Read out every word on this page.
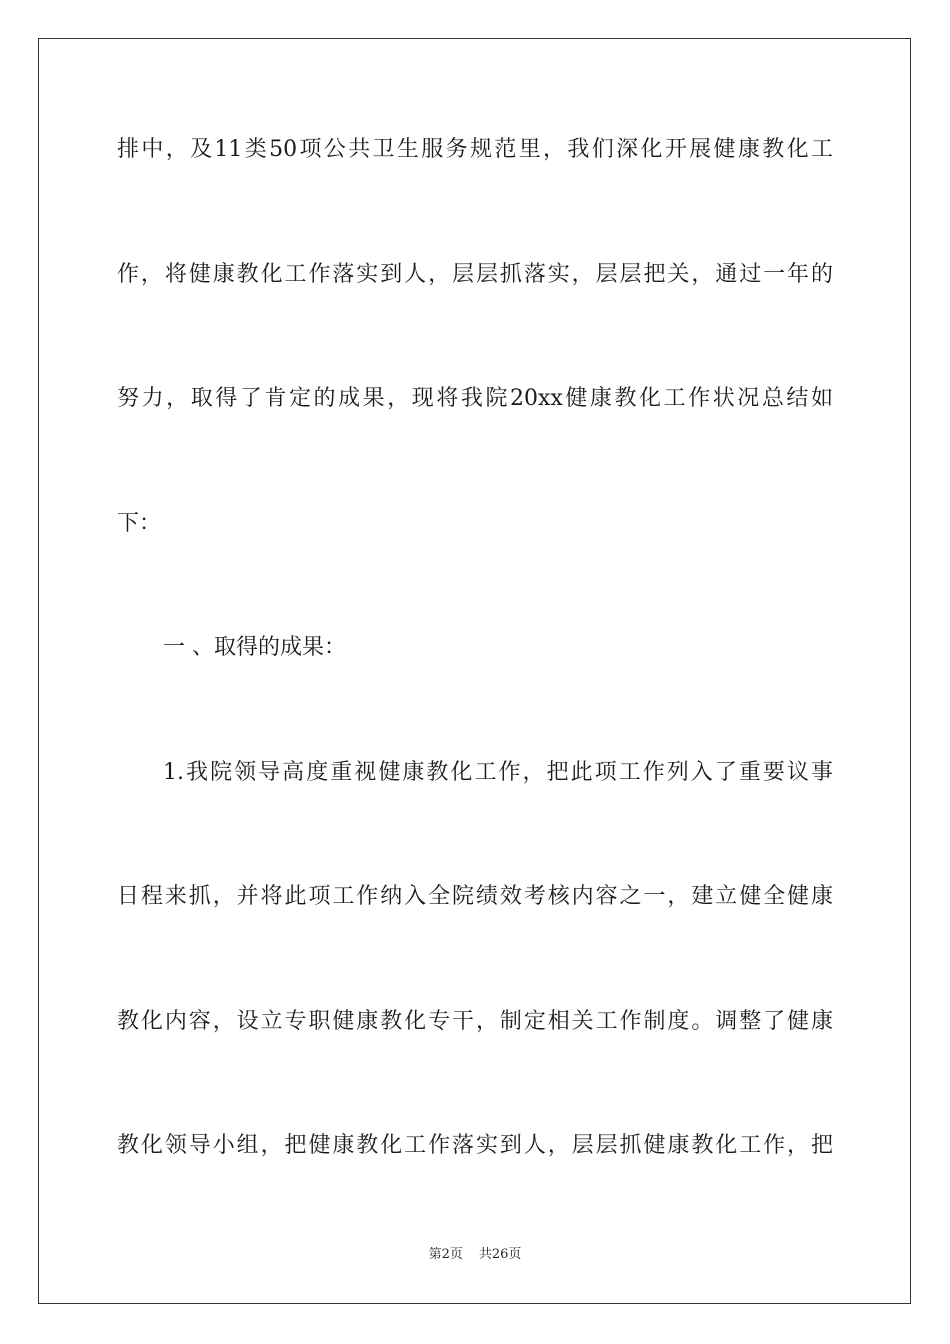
排中，及11类50项公共卫生服务规范里，我们深化开展健康教化工
作，将健康教化工作落实到人，层层抓落实，层层把关，通过一年的
努力，取得了肯定的成果，现将我院20xx健康教化工作状况总结如
下：
一 、取得的成果：
1.我院领导高度重视健康教化工作，把此项工作列入了重要议事
日程来抓，并将此项工作纳入全院绩效考核内容之一，建立健全健康
教化内容，设立专职健康教化专干，制定相关工作制度。调整了健康
教化领导小组，把健康教化工作落实到人，层层抓健康教化工作，把
第2页 共26页
